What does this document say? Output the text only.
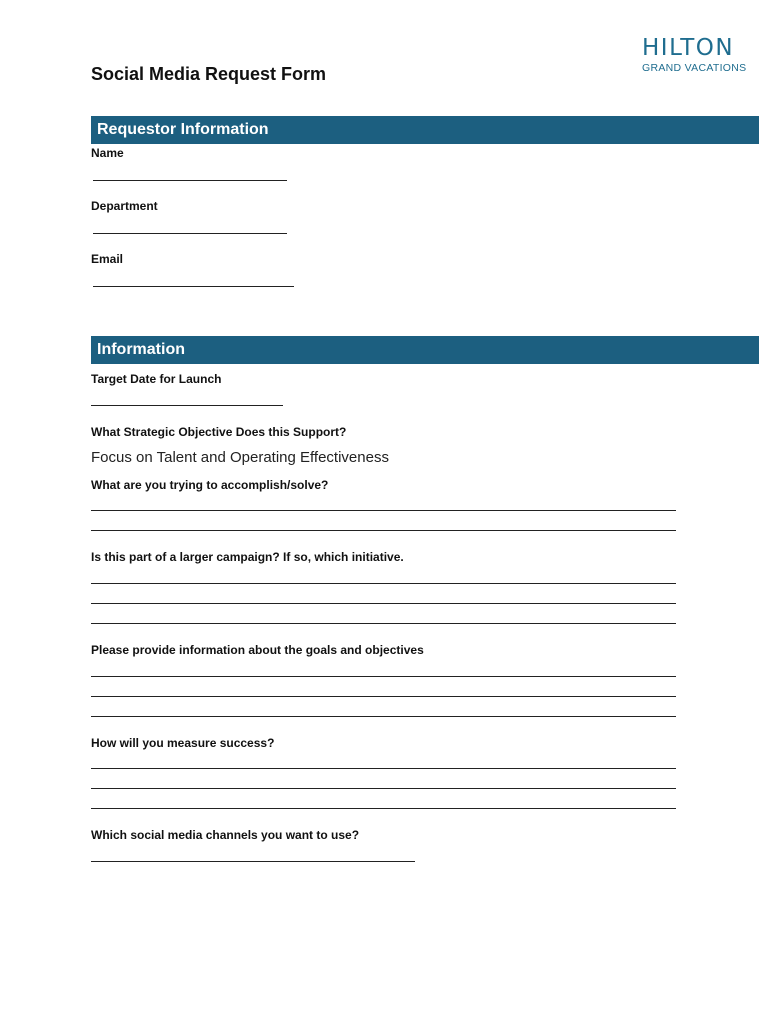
HILTON
GRAND VACATIONS
Social Media Request Form
Requestor Information
Name
Department
Email
Information
Target Date for Launch
What Strategic Objective Does this Support?
Focus on Talent and Operating Effectiveness
What are you trying to accomplish/solve?
Is this part of a larger campaign? If so, which initiative.
Please provide information about the goals and objectives
How will you measure success?
Which social media channels you want to use?
